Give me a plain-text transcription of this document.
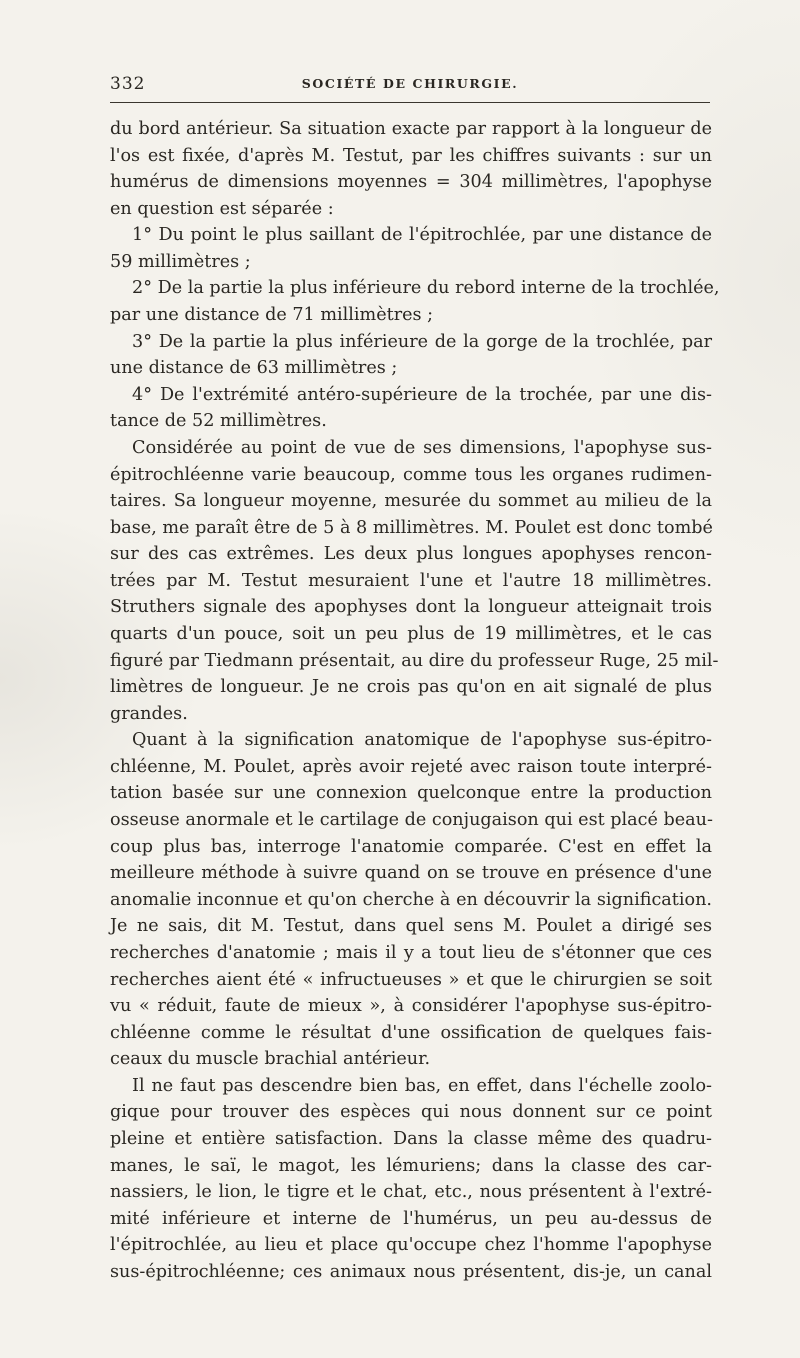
332	SOCIÉTÉ DE CHIRURGIE.
du bord antérieur. Sa situation exacte par rapport à la longueur de
l'os est fixée, d'après M. Testut, par les chiffres suivants : sur un
humérus de dimensions moyennes = 304 millimètres, l'apophyse
en question est séparée :
1° Du point le plus saillant de l'épitrochlée, par une distance de
59 millimètres ;
2° De la partie la plus inférieure du rebord interne de la trochlée,
par une distance de 71 millimètres ;
3° De la partie la plus inférieure de la gorge de la trochlée, par
une distance de 63 millimètres ;
4° De l'extrémité antéro-supérieure de la trochée, par une dis-
tance de 52 millimètres.
Considérée au point de vue de ses dimensions, l'apophyse sus-
épitrochléenne varie beaucoup, comme tous les organes rudimen-
taires. Sa longueur moyenne, mesurée du sommet au milieu de la
base, me paraît être de 5 à 8 millimètres. M. Poulet est donc tombé
sur des cas extrêmes. Les deux plus longues apophyses rencon-
trées par M. Testut mesuraient l'une et l'autre 18 millimètres.
Struthers signale des apophyses dont la longueur atteignait trois
quarts d'un pouce, soit un peu plus de 19 millimètres, et le cas
figuré par Tiedmann présentait, au dire du professeur Ruge, 25 mil-
limètres de longueur. Je ne crois pas qu'on en ait signalé de plus
grandes.
Quant à la signification anatomique de l'apophyse sus-épitro-
chléenne, M. Poulet, après avoir rejeté avec raison toute interpré-
tation basée sur une connexion quelconque entre la production
osseuse anormale et le cartilage de conjugaison qui est placé beau-
coup plus bas, interroge l'anatomie comparée. C'est en effet la
meilleure méthode à suivre quand on se trouve en présence d'une
anomalie inconnue et qu'on cherche à en découvrir la signification.
Je ne sais, dit M. Testut, dans quel sens M. Poulet a dirigé ses
recherches d'anatomie ; mais il y a tout lieu de s'étonner que ces
recherches aient été « infructueuses » et que le chirurgien se soit
vu « réduit, faute de mieux », à considérer l'apophyse sus-épitro-
chléenne comme le résultat d'une ossification de quelques fais-
ceaux du muscle brachial antérieur.
Il ne faut pas descendre bien bas, en effet, dans l'échelle zoolo-
gique pour trouver des espèces qui nous donnent sur ce point
pleine et entière satisfaction. Dans la classe même des quadru-
manes, le saï, le magot, les lémuriens; dans la classe des car-
nassiers, le lion, le tigre et le chat, etc., nous présentent à l'extré-
mité inférieure et interne de l'humérus, un peu au-dessus de
l'épitrochlée, au lieu et place qu'occupe chez l'homme l'apophyse
sus-épitrochléenne; ces animaux nous présentent, dis-je, un canal
